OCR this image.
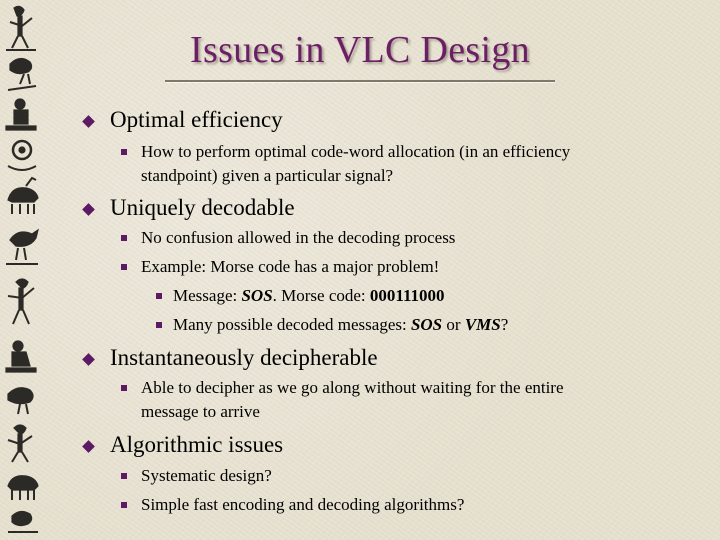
Issues in VLC Design
Optimal efficiency
How to perform optimal code-word allocation (in an efficiency
standpoint) given a particular signal?
Uniquely decodable
No confusion allowed in the decoding process
Example: Morse code has a major problem!
Message: SOS. Morse code: 000111000
Many possible decoded messages: SOS or VMS?
Instantaneously decipherable
Able to decipher as we go along without waiting for the entire
message to arrive
Algorithmic issues
Systematic design?
Simple fast encoding and decoding algorithms?
